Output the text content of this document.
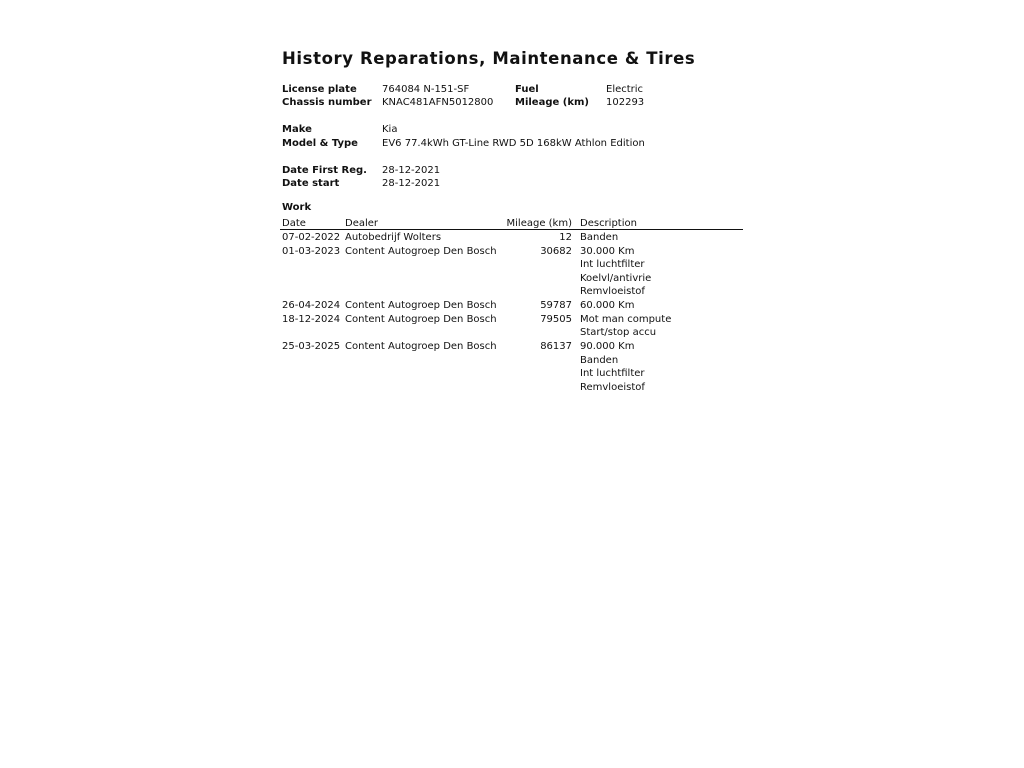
History Reparations, Maintenance & Tires
License plate	764084 N-151-SF	Fuel	Electric
Chassis number KNAC481AFN5012800 Mileage (km) 102293
Make	Kia
Model & Type EV6 77.4kWh GT-Line RWD 5D 168kW Athlon Edition
Date First Reg. 28-12-2021
Date start	28-12-2021
Work
Date	Dealer	Mileage (km) Description
07-02-2022 Autobedrijf Wolters	12 Banden
01-03-2023 Content Autogroep Den Bosch	30682 30.000 Km
Int luchtfilter
Koelvl/antivrie
Remvloeistof
26-04-2024 Content Autogroep Den Bosch	59787 60.000 Km
18-12-2024 Content Autogroep Den Bosch	79505 Mot man compute
Start/stop accu
25-03-2025 Content Autogroep Den Bosch	86137 90.000 Km
Banden
Int luchtfilter
Remvloeistof
